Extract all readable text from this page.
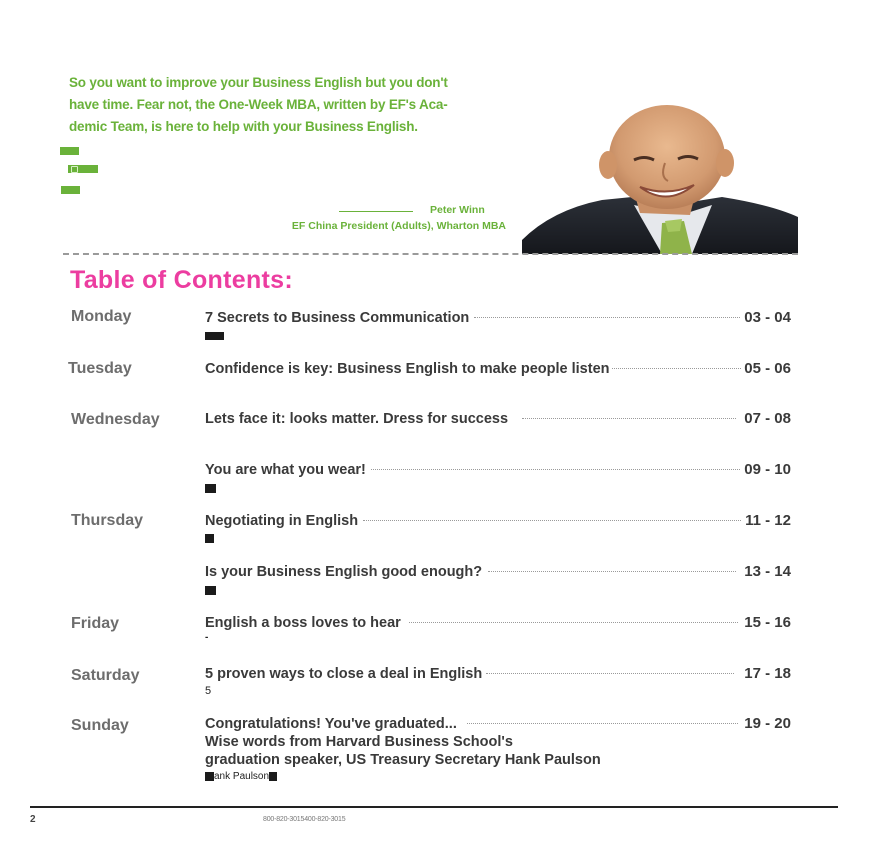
So you want to improve your Business English but you don't
have time. Fear not, the One-Week MBA, written by EF's Aca-
demic Team, is here to help with your Business English.
Peter Winn
EF China President (Adults), Wharton MBA
Table of Contents:
Monday	7 Secrets to Business Communication	03 - 04
Tuesday	Confidence is key: Business English to make people listen	05 - 06
Wednesday	Lets face it: looks matter. Dress for success	07 - 08
You are what you wear!	09 - 10
Thursday	Negotiating in English	11 - 12
Is your Business English good enough?	13 - 14
Friday	English a boss loves to hear	15 - 16
-
Saturday	5 proven ways to close a deal in English	17 - 18
5
Sunday	Congratulations! You've graduated...	19 - 20
Wise words from Harvard Business School's
graduation speaker, US Treasury Secretary Hank Paulson
ank Paulson
2	800-820-3015400-820-3015
